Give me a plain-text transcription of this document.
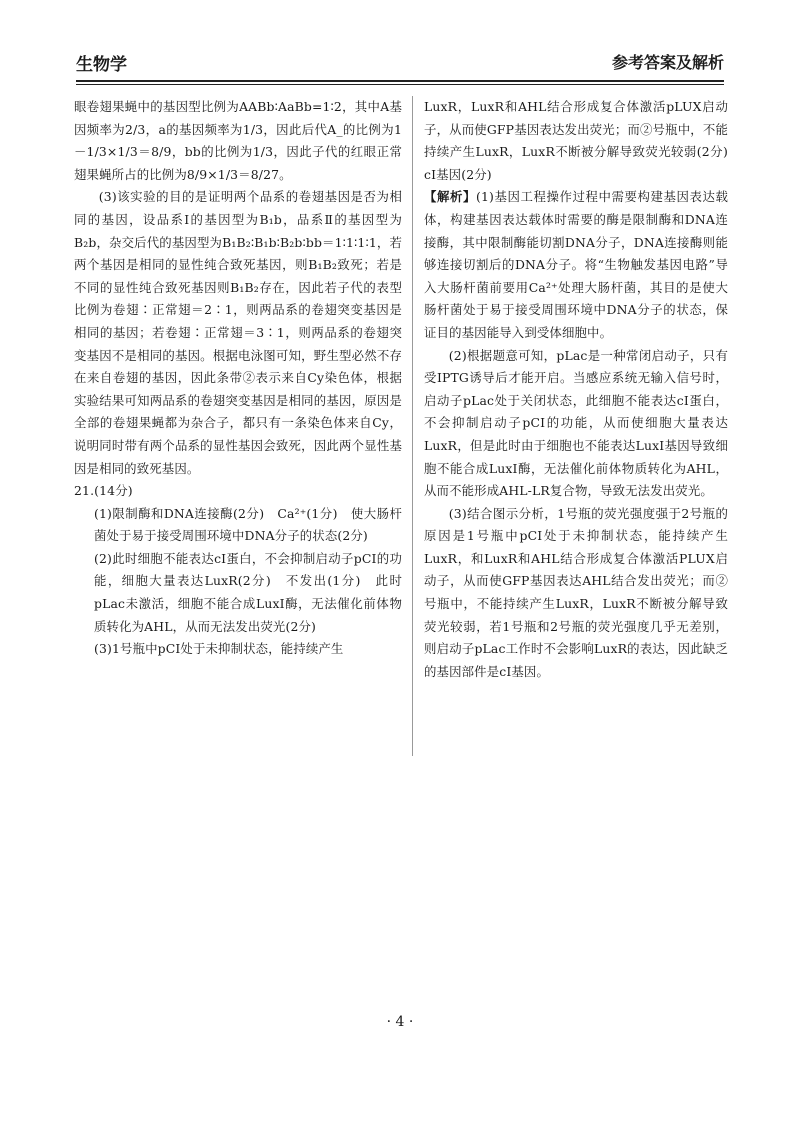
生物学	参考答案及解析

眼卷翅果蝇中的基因型比例为AABb∶AaBb=1∶2，其中A基因频率为2/3，a的基因频率为1/3，因此后代A_的比例为1－1/3×1/3＝8/9，bb的比例为1/3，因此子代的红眼正常翅果蝇所占的比例为8/9×1/3＝8/27。

(3)该实验的目的是证明两个品系的卷翅基因是否为相同的基因，设品系Ⅰ的基因型为B₁b，品系Ⅱ的基因型为B₂b，杂交后代的基因型为B₁B₂∶B₁b∶B₂b∶bb＝1∶1∶1∶1，若两个基因是相同的显性纯合致死基因，则B₁B₂致死；若是不同的显性纯合致死基因则B₁B₂存在，因此若子代的表型比例为卷翅∶正常翅＝2∶1，则两品系的卷翅突变基因是相同的基因；若卷翅∶正常翅＝3∶1，则两品系的卷翅突变基因不是相同的基因。根据电泳图可知，野生型必然不存在来自卷翅的基因，因此条带②表示来自Cy染色体，根据实验结果可知两品系的卷翅突变基因是相同的基因，原因是全部的卷翅果蝇都为杂合子，都只有一条染色体来自Cy，说明同时带有两个品系的显性基因会致死，因此两个显性基因是相同的致死基因。

21.(14分)

(1)限制酶和DNA连接酶(2分)　Ca²⁺(1分)　使大肠杆菌处于易于接受周围环境中DNA分子的状态(2分)

(2)此时细胞不能表达cI蛋白，不会抑制启动子pCI的功能，细胞大量表达LuxR(2分)　不发出(1分)　此时pLac未激活，细胞不能合成LuxI酶，无法催化前体物质转化为AHL，从而无法发出荧光(2分)

(3)1号瓶中pCI处于未抑制状态，能持续产生

LuxR，LuxR和AHL结合形成复合体激活pLUX启动子，从而使GFP基因表达发出荧光；而②号瓶中，不能持续产生LuxR，LuxR不断被分解导致荧光较弱(2分)　cI基因(2分)

【解析】(1)基因工程操作过程中需要构建基因表达载体，构建基因表达载体时需要的酶是限制酶和DNA连接酶，其中限制酶能切割DNA分子，DNA连接酶则能够连接切割后的DNA分子。将“生物触发基因电路”导入大肠杆菌前要用Ca²⁺处理大肠杆菌，其目的是使大肠杆菌处于易于接受周围环境中DNA分子的状态，保证目的基因能导入到受体细胞中。

(2)根据题意可知，pLac是一种常闭启动子，只有受IPTG诱导后才能开启。当感应系统无输入信号时，启动子pLac处于关闭状态，此细胞不能表达cI蛋白，不会抑制启动子pCI的功能，从而使细胞大量表达LuxR，但是此时由于细胞也不能表达LuxI基因导致细胞不能合成LuxI酶，无法催化前体物质转化为AHL，从而不能形成AHL-LR复合物，导致无法发出荧光。

(3)结合图示分析，1号瓶的荧光强度强于2号瓶的原因是1号瓶中pCI处于未抑制状态，能持续产生LuxR，和LuxR和AHL结合形成复合体激活PLUX启动子，从而使GFP基因表达AHL结合发出荧光；而②号瓶中，不能持续产生LuxR，LuxR不断被分解导致荧光较弱，若1号瓶和2号瓶的荧光强度几乎无差别，则启动子pLac工作时不会影响LuxR的表达，因此缺乏的基因部件是cI基因。

· 4 ·
